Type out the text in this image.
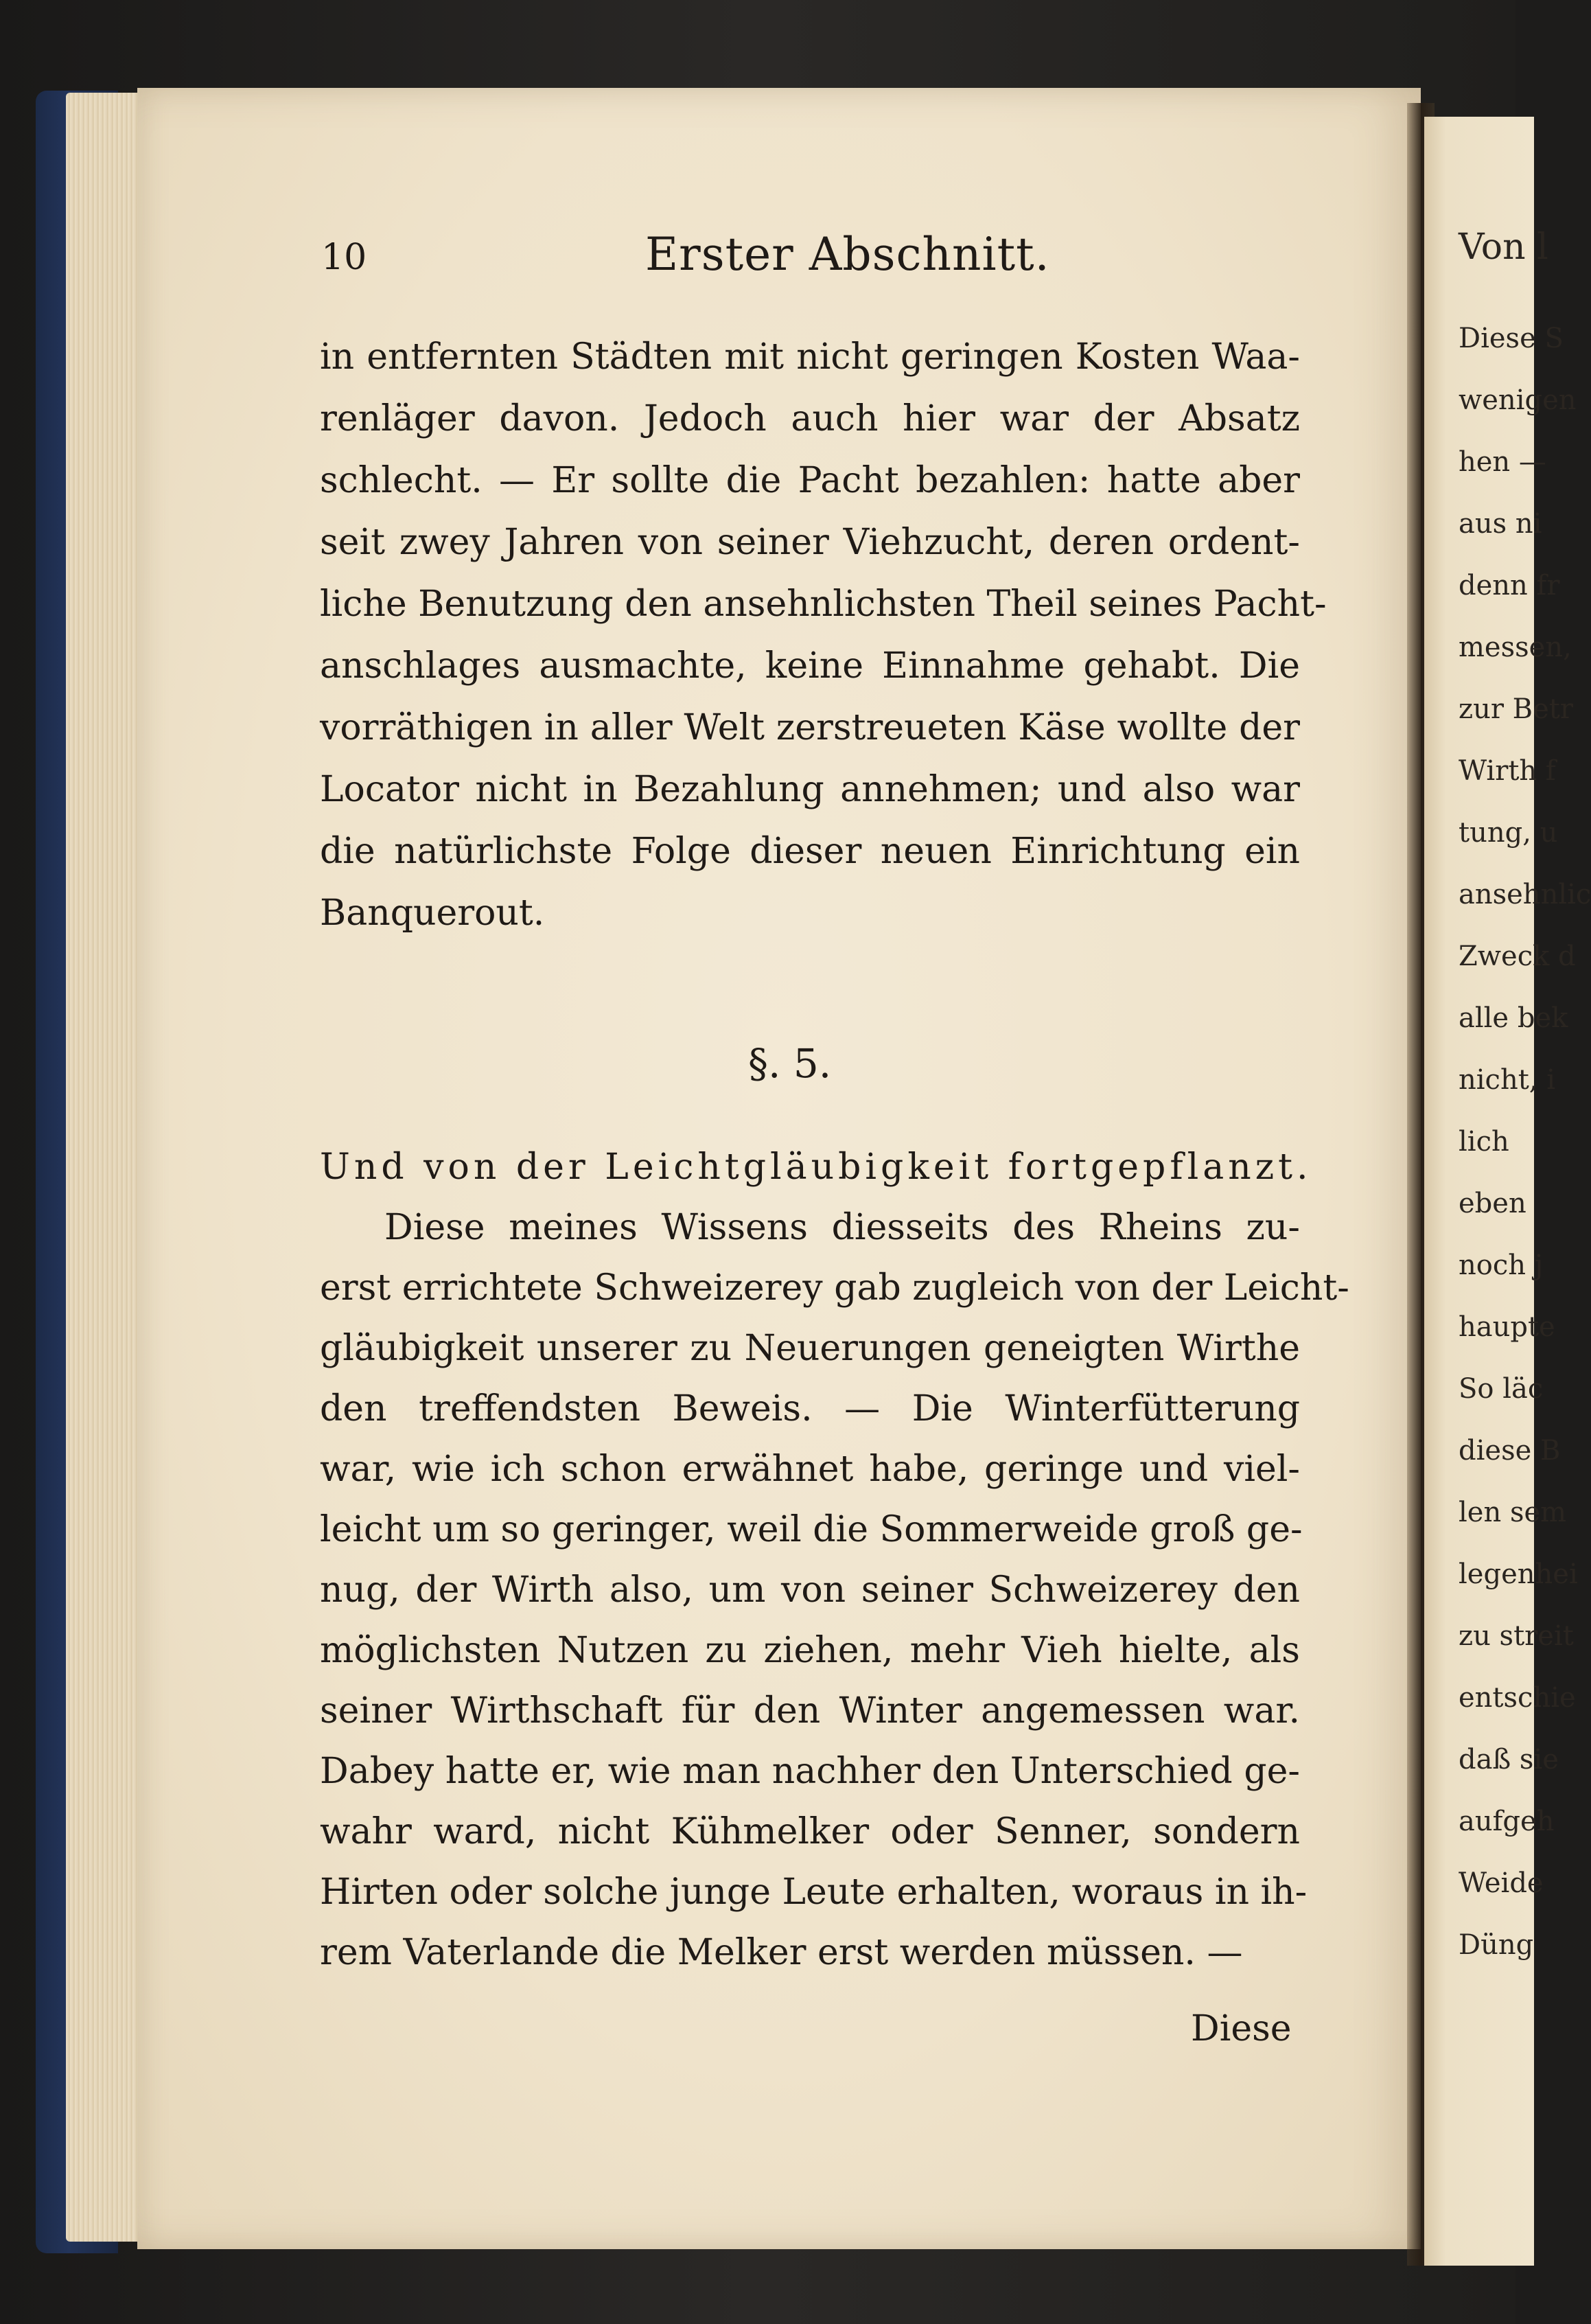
10	Erster Abschnitt.
in entfernten Städten mit nicht geringen Kosten Waa-
renläger davon. Jedoch auch hier war der Absatz
schlecht. — Er sollte die Pacht bezahlen: hatte aber
seit zwey Jahren von seiner Viehzucht, deren ordent-
liche Benutzung den ansehnlichsten Theil seines Pacht-
anschlages ausmachte, keine Einnahme gehabt. Die
vorräthigen in aller Welt zerstreueten Käse wollte der
Locator nicht in Bezahlung annehmen; und also war
die natürlichste Folge dieser neuen Einrichtung ein
Banquerout.
§. 5.
Und von der Leichtgläubigkeit fortgepflanzt.
Diese meines Wissens diesseits des Rheins zu-
erst errichtete Schweizerey gab zugleich von der Leicht-
gläubigkeit unserer zu Neuerungen geneigten Wirthe
den treffendsten Beweis. — Die Winterfütterung
war, wie ich schon erwähnet habe, geringe und viel-
leicht um so geringer, weil die Sommerweide groß ge-
nug, der Wirth also, um von seiner Schweizerey den
möglichsten Nutzen zu ziehen, mehr Vieh hielte, als
seiner Wirthschaft für den Winter angemessen war.
Dabey hatte er, wie man nachher den Unterschied ge-
wahr ward, nicht Kühmelker oder Senner, sondern
Hirten oder solche junge Leute erhalten, woraus in ih-
rem Vaterlande die Melker erst werden müssen. —
Diese
Von l
Diese S
wenigen
hen —
aus ni
denn fr
messen,
zur Betr
Wirth f
tung, u
ansehnlic
Zweck d
alle bek
nicht, i
lich
eben
noch j
haupte
So läc
diese B
len sem
legenhei
zu streit
entschie
daß sie
aufgeh
Weide
Düng
